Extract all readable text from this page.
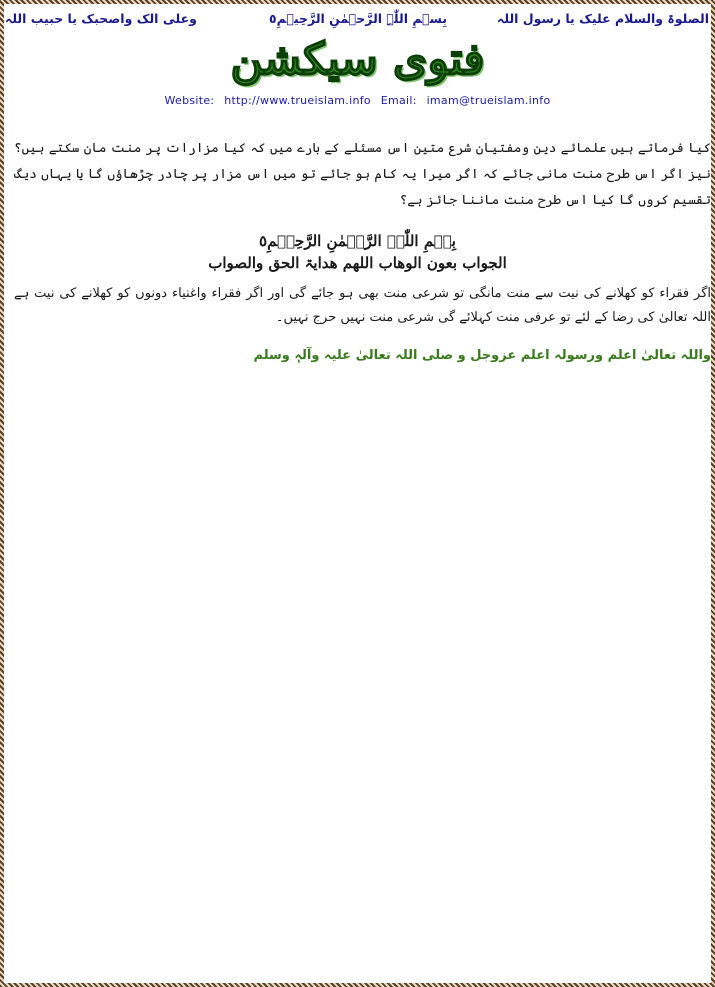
الصلوۃ والسلام علیک یا رسول اللہ
بِسۡمِ اللّٰہِ الرَّحۡمٰنِ الرَّحِیۡمِ٥
وعلی الک واصحبک یا حبیب اللہ
فتوی سیکشن
Website: http://www.trueislam.info Email: imam@trueislam.info
کیا فرماتے ہیں علمائے دین ومفتیان شرع متین اس مسئلے کے بارے میں کہ کیا مزارات پر منت مان سکتے ہیں؟ نیز اگر اس طرح منت مانی جائے کہ اگر میرا یہ کام ہو جائے تو میں اس مزار پر چادر چڑھاؤں گا یا یہاں دیگ تقسیم کروں گا کیا اس طرح منت ماننا جائز ہے؟
بِسۡمِ اللّٰہِ الرَّحۡمٰنِ الرَّحِیۡمِ٥
الجواب بعون الوھاب اللھم ھدایۃ الحق والصواب
اگر فقراء کو کھلانے کی نیت سے منت مانگی تو شرعی منت بھی ہو جائے گی اور اگر فقراء واغنیاء دونوں کو کھلانے کی نیت ہے اللہ تعالیٰ کی رضا کے لئے تو عرفی منت کہلائے گی شرعی منت نہیں حرج نہیں۔
واللہ تعالیٰ اعلم ورسولہ اعلم عزوجل و صلی اللہ تعالیٰ علیہ وآلہٖ وسلم
